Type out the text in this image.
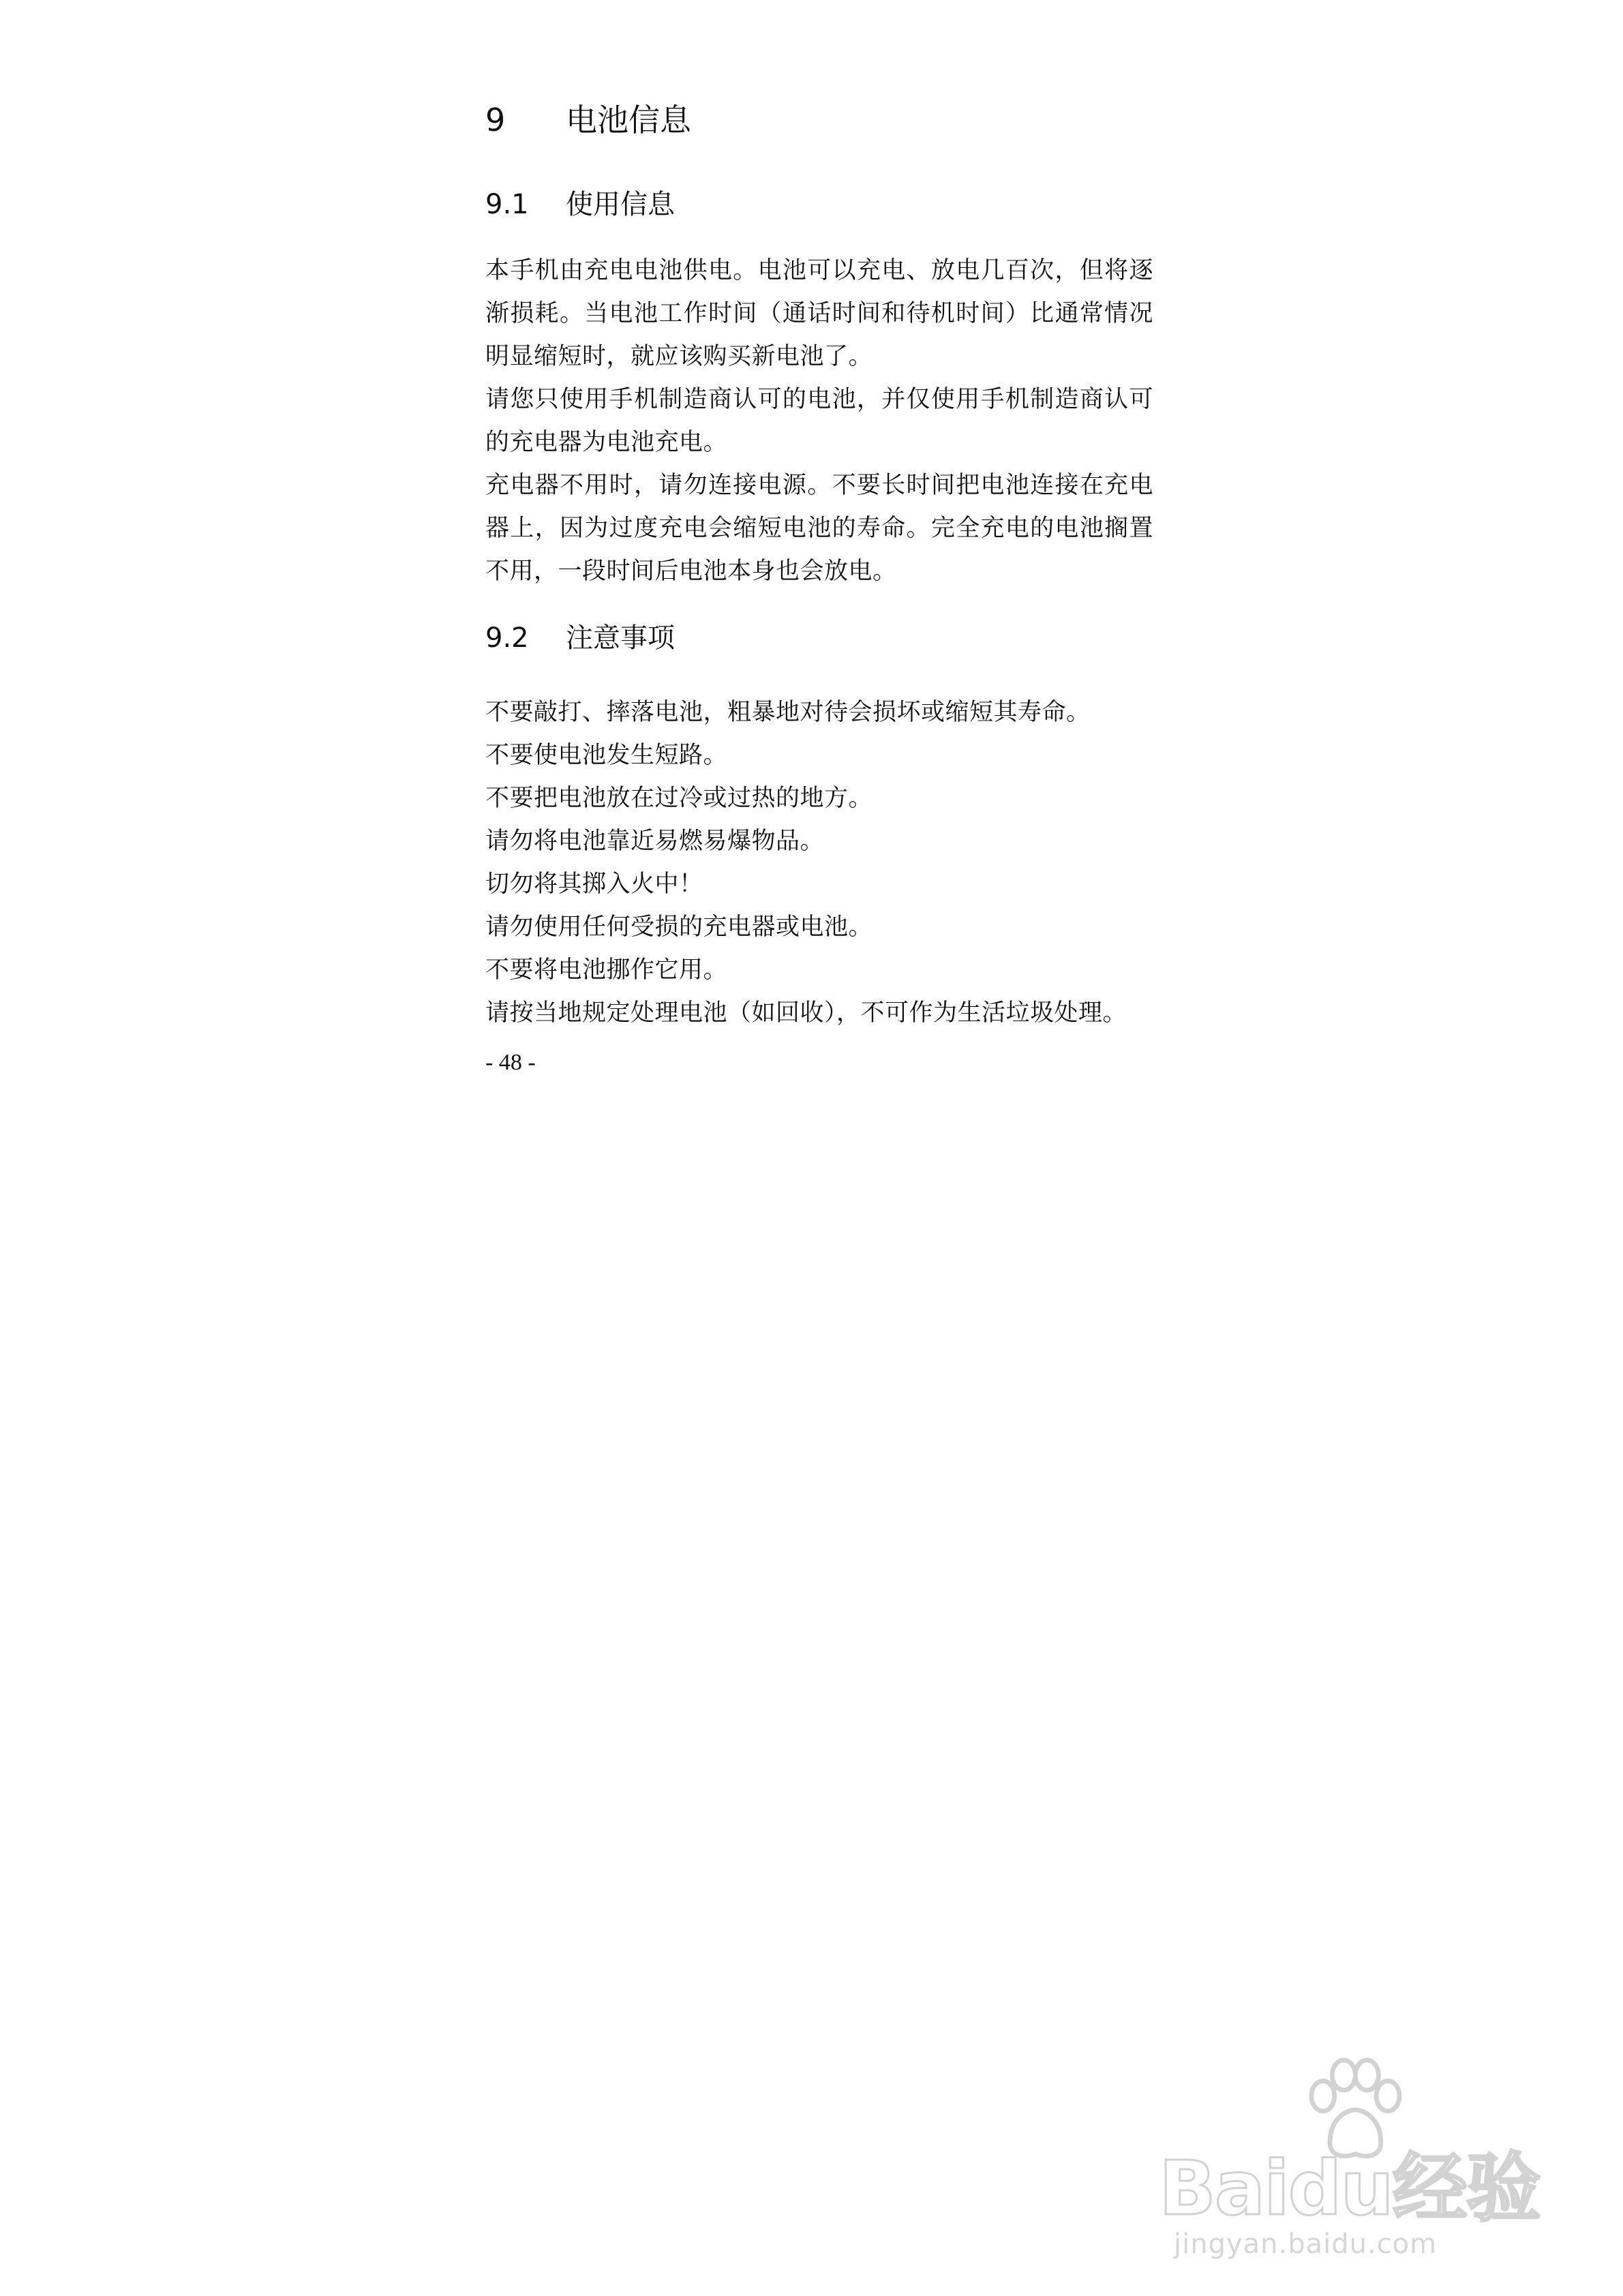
9 电池信息
9.1 使用信息

本手机由充电电池供电。电池可以充电、放电几百次，但将逐渐损耗。当电池工作时间（通话时间和待机时间）比通常情况明显缩短时，就应该购买新电池了。

请您只使用手机制造商认可的电池，并仅使用手机制造商认可的充电器为电池充电。

充电器不用时，请勿连接电源。不要长时间把电池连接在充电器上，因为过度充电会缩短电池的寿命。完全充电的电池搁置不用，一段时间后电池本身也会放电。

9.2 注意事项

不要敲打、摔落电池，粗暴地对待会损坏或缩短其寿命。

不要使电池发生短路。

不要把电池放在过冷或过热的地方。

请勿将电池靠近易燃易爆物品。

切勿将其掷入火中！

请勿使用任何受损的充电器或电池。

不要将电池挪作它用。

请按当地规定处理电池（如回收），不可作为生活垃圾处理。

- 48 -
Baidu经验
jingyan.baidu.com
